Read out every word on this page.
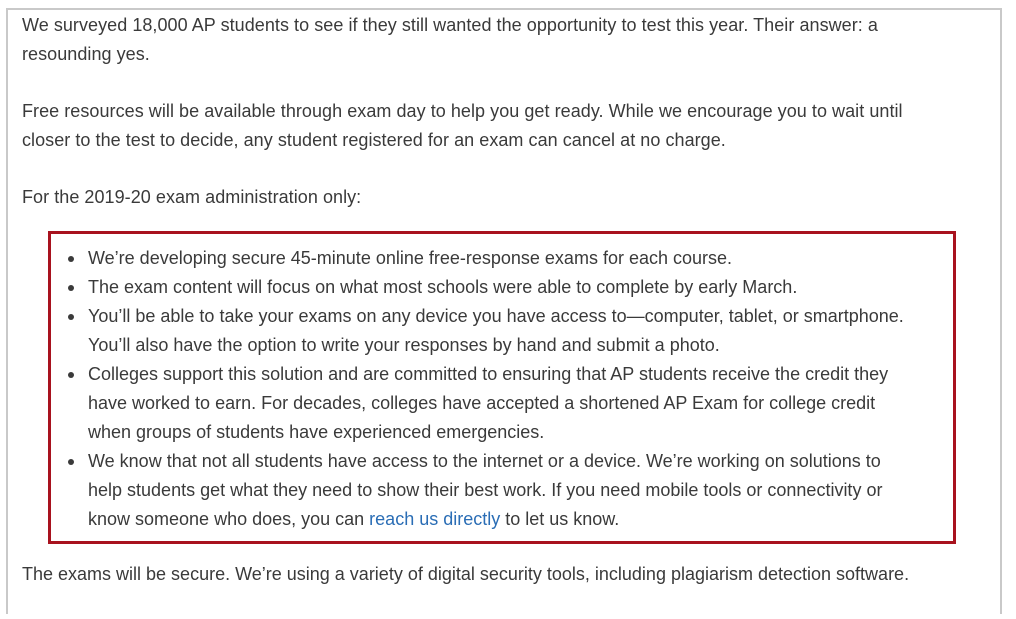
We surveyed 18,000 AP students to see if they still wanted the opportunity to test this year. Their answer: a resounding yes.

Free resources will be available through exam day to help you get ready. While we encourage you to wait until closer to the test to decide, any student registered for an exam can cancel at no charge.

For the 2019-20 exam administration only:

We’re developing secure 45-minute online free-response exams for each course.
The exam content will focus on what most schools were able to complete by early March.
You’ll be able to take your exams on any device you have access to—computer, tablet, or smartphone. You’ll also have the option to write your responses by hand and submit a photo.
Colleges support this solution and are committed to ensuring that AP students receive the credit they have worked to earn. For decades, colleges have accepted a shortened AP Exam for college credit when groups of students have experienced emergencies.
We know that not all students have access to the internet or a device. We’re working on solutions to help students get what they need to show their best work. If you need mobile tools or connectivity or know someone who does, you can reach us directly to let us know.

The exams will be secure. We’re using a variety of digital security tools, including plagiarism detection software.
